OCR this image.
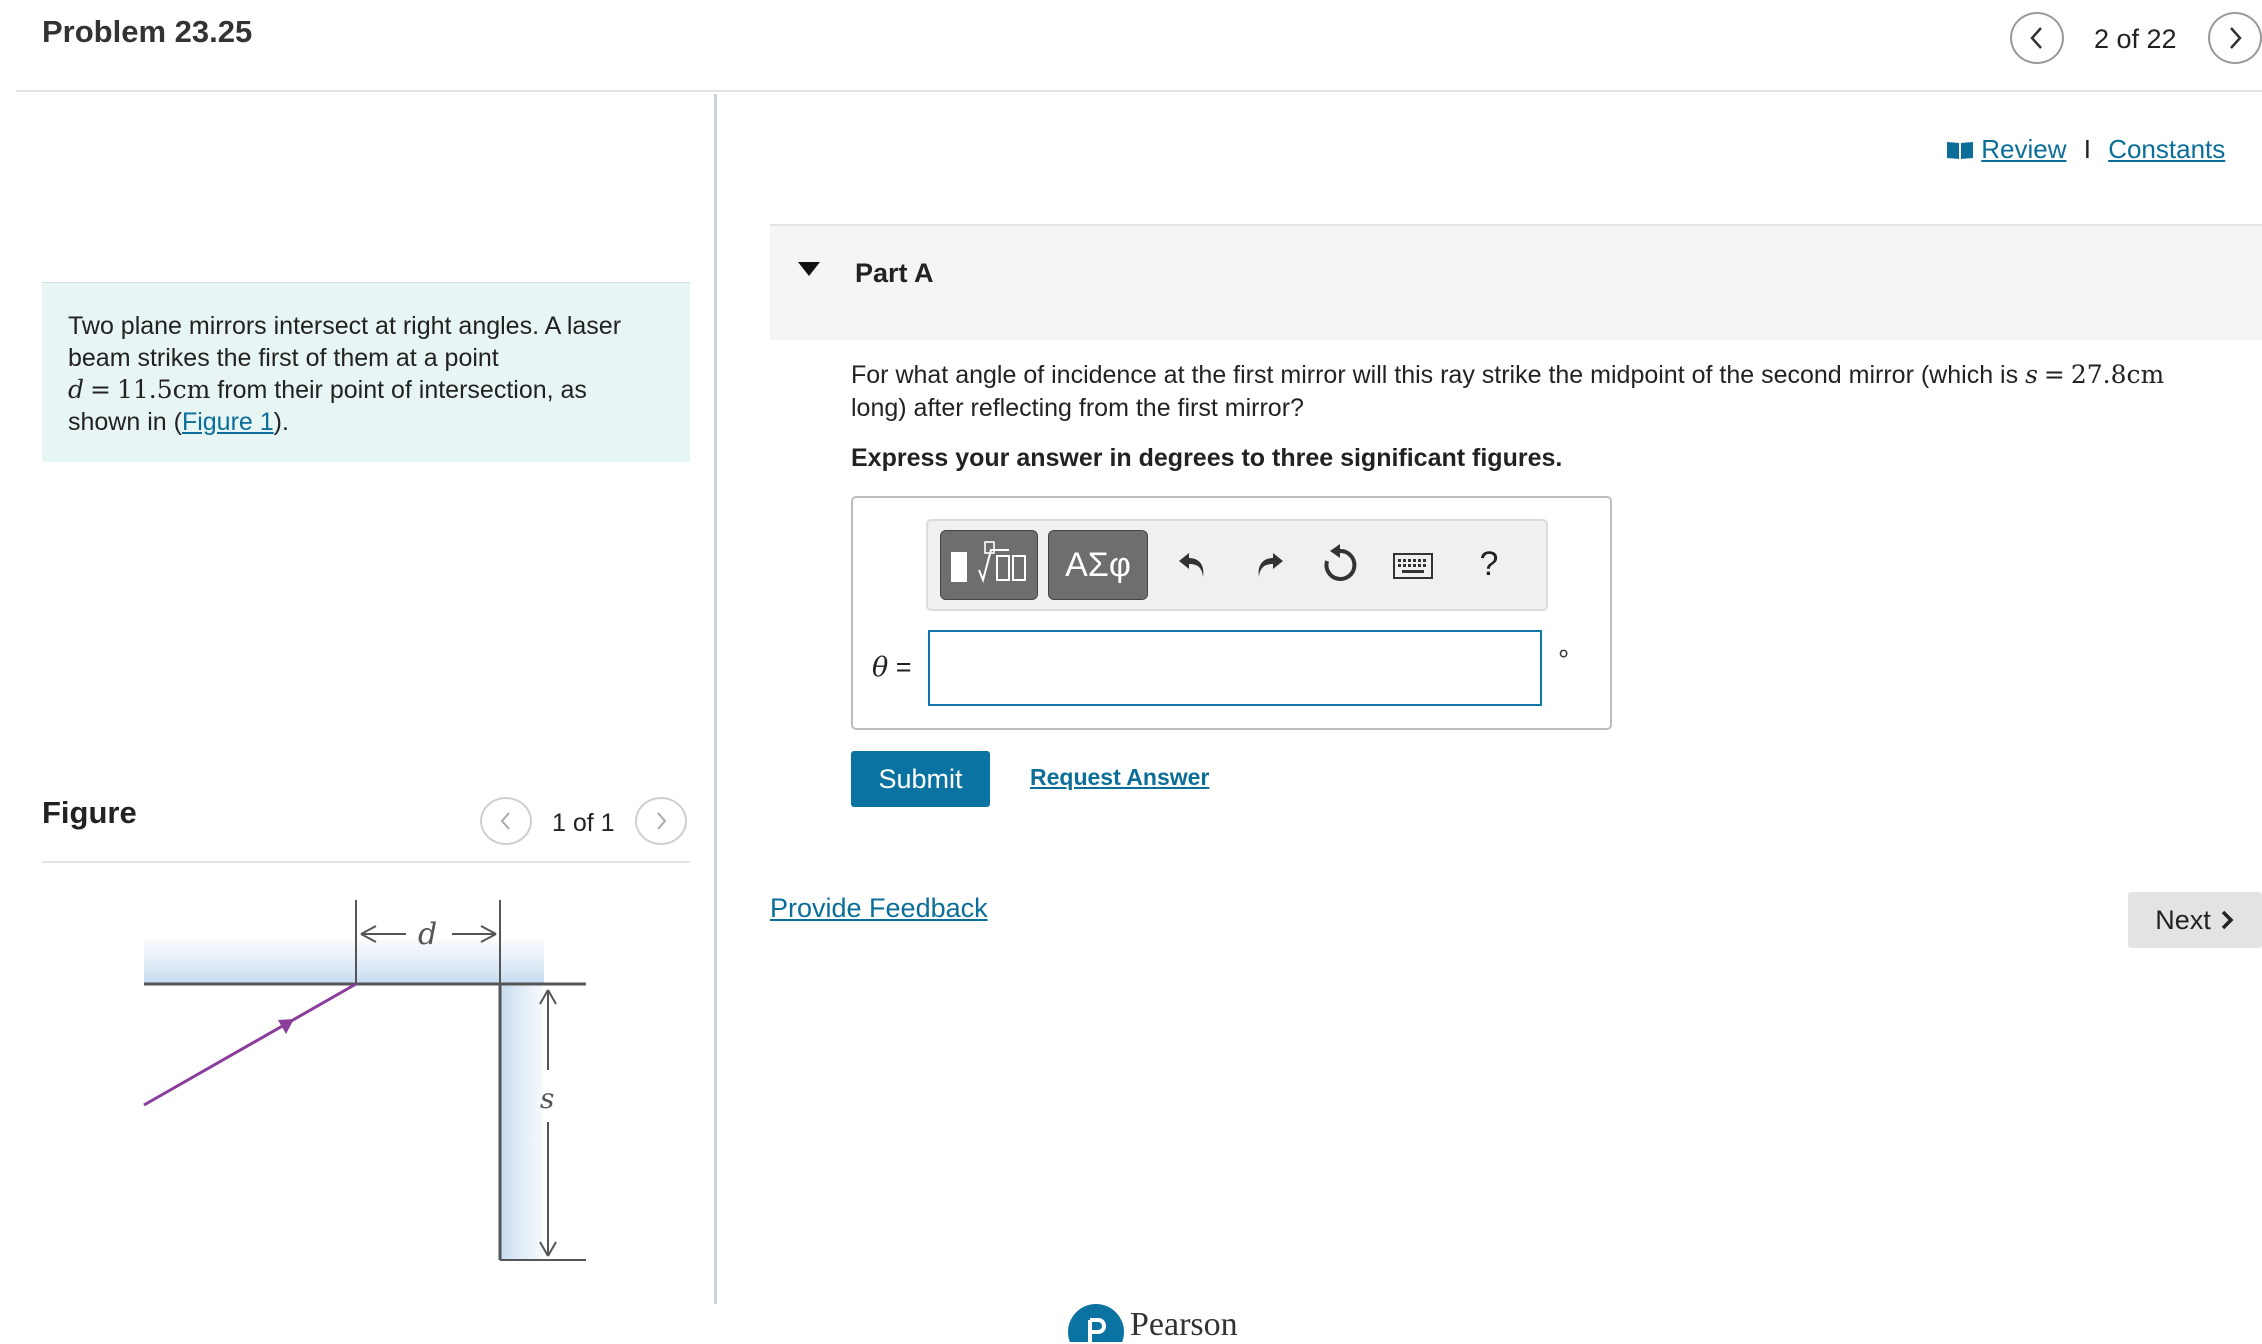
Problem 23.25	2 of 22
Two plane mirrors intersect at right angles. A laser
beam strikes the first of them at a point
d = 11.5cm from their point of intersection, as
shown in (Figure 1).
Figure	1 of 1
d
s
Review I Constants
Part A
For what angle of incidence at the first mirror will this ray strike the midpoint of the second mirror (which is s = 27.8cm
long) after reflecting from the first mirror?
Express your answer in degrees to three significant figures.
ΑΣφ	?
θ =	°
Submit	Request Answer
Provide Feedback	Next
Pearson
